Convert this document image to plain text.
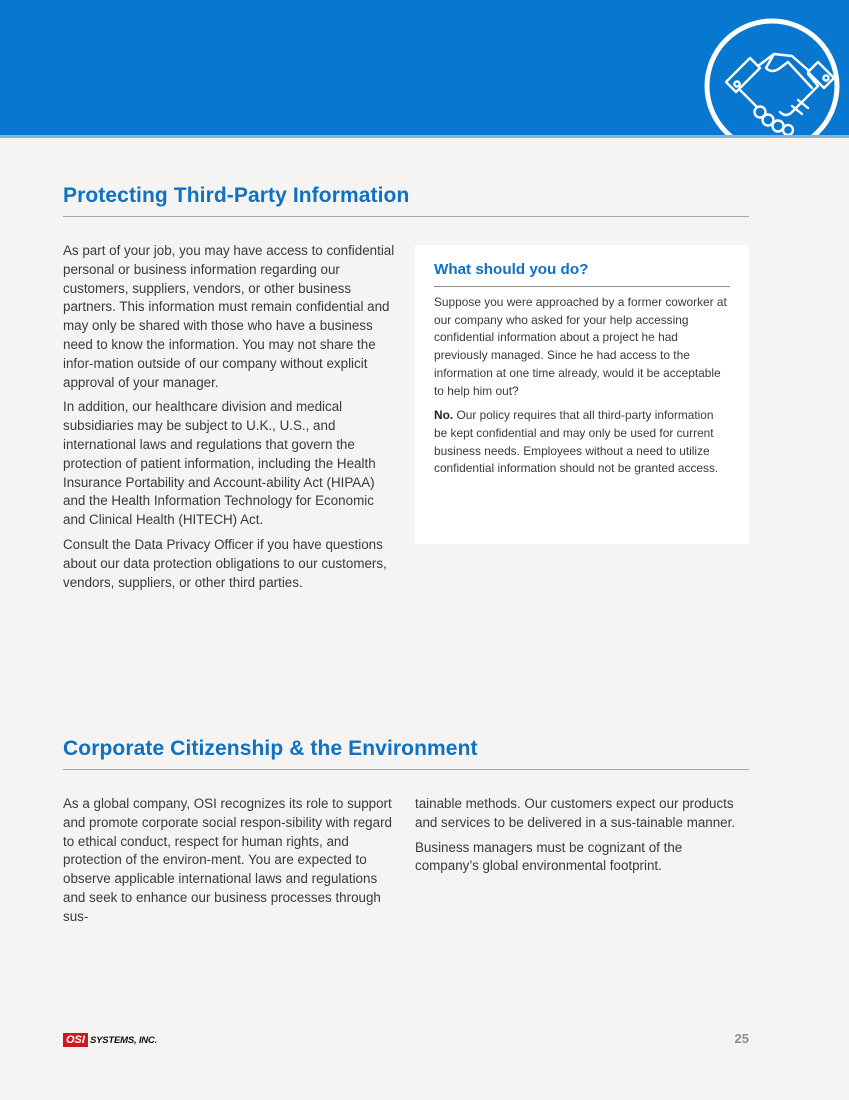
Protecting Third-Party Information

As part of your job, you may have access to confidential personal or business information regarding our customers, suppliers, vendors, or other business partners. This information must remain confidential and may only be shared with those who have a business need to know the information. You may not share the infor-mation outside of our company without explicit approval of your manager.

In addition, our healthcare division and medical subsidiaries may be subject to U.K., U.S., and international laws and regulations that govern the protection of patient information, including the Health Insurance Portability and Account-ability Act (HIPAA) and the Health Information Technology for Economic and Clinical Health (HITECH) Act.

Consult the Data Privacy Officer if you have questions about our data protection obligations to our customers, vendors, suppliers, or other third parties.

What should you do?

Suppose you were approached by a former coworker at our company who asked for your help accessing confidential information about a project he had previously managed. Since he had access to the information at one time already, would it be acceptable to help him out?

No. Our policy requires that all third-party information be kept confidential and may only be used for current business needs. Employees without a need to utilize confidential information should not be granted access.

Corporate Citizenship & the Environment

As a global company, OSI recognizes its role to support and promote corporate social respon-sibility with regard to ethical conduct, respect for human rights, and protection of the environ-ment. You are expected to observe applicable international laws and regulations and seek to enhance our business processes through sus-

tainable methods. Our customers expect our products and services to be delivered in a sus-tainable manner.

Business managers must be cognizant of the company’s global environmental footprint.

OSI SYSTEMS, INC.	25
